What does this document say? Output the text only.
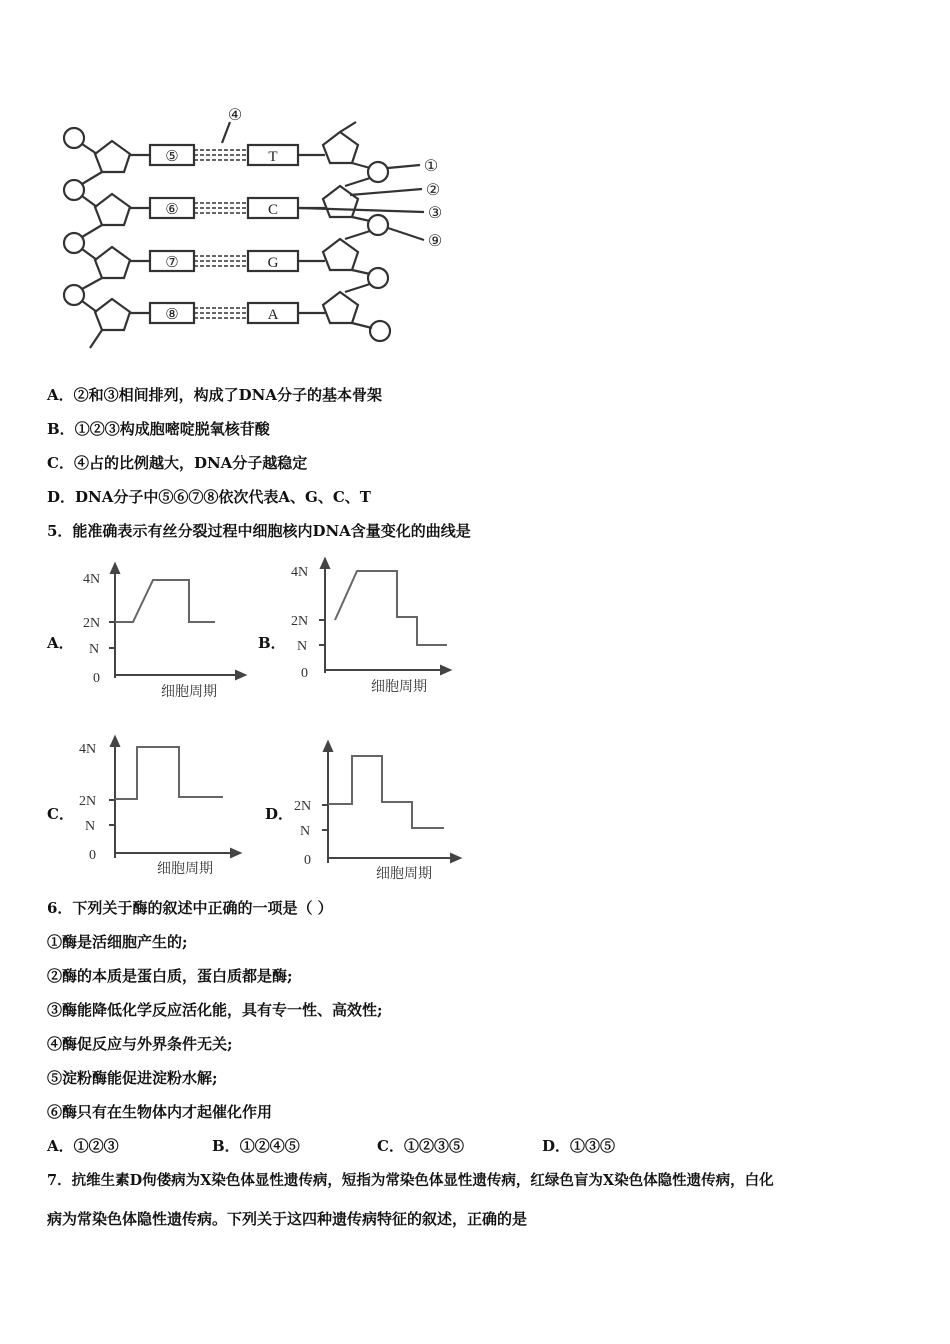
⑤
⑥
⑦
⑧
T
C
G
A
④
①
②
③
⑨
A．②和③相间排列，构成了DNA分子的基本骨架
B．①②③构成胞嘧啶脱氧核苷酸
C．④占的比例越大，DNA分子越稳定
D．DNA分子中⑤⑥⑦⑧依次代表A、G、C、T
5．能准确表示有丝分裂过程中细胞核内DNA含量变化的曲线是
A．	B．
C．	D．
4N
2N
N
0
细胞周期
4N
2N
N
0
细胞周期
4N
2N
N
0
细胞周期
2N
N
0
细胞周期
6．下列关于酶的叙述中正确的一项是（ ）
①酶是活细胞产生的;
②酶的本质是蛋白质，蛋白质都是酶;
③酶能降低化学反应活化能，具有专一性、高效性;
④酶促反应与外界条件无关;
⑤淀粉酶能促进淀粉水解;
⑥酶只有在生物体内才起催化作用
A．①②③	B．①②④⑤	C．①②③⑤	D．①③⑤
7．抗维生素D佝偻病为X染色体显性遗传病，短指为常染色体显性遗传病，红绿色盲为X染色体隐性遗传病，白化
病为常染色体隐性遗传病。下列关于这四种遗传病特征的叙述，正确的是
